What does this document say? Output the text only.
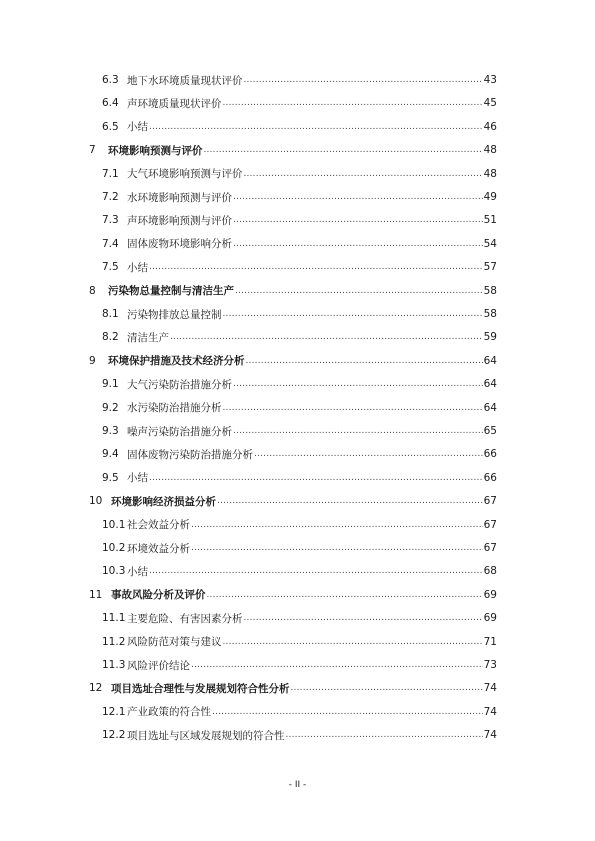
6.3 地下水环境质量现状评价 .....	43
6.4 声环境质量现状评价 .....	45
6.5 小结 .....	46
7	环境影响预测与评价 .....	48
7.1 大气环境影响预测与评价 .....	48
7.2 水环境影响预测与评价 .....	49
7.3 声环境影响预测与评价 .....	51
7.4 固体废物环境影响分析 .....	54
7.5 小结 .....	57
8	污染物总量控制与清洁生产 .....	58
8.1 污染物排放总量控制 .....	58
8.2 清洁生产 .....	59
9	环境保护措施及技术经济分析 .....	64
9.1 大气污染防治措施分析 .....	64
9.2 水污染防治措施分析 .....	64
9.3 噪声污染防治措施分析 .....	65
9.4 固体废物污染防治措施分析 .....	66
9.5 小结 .....	66
10 环境影响经济损益分析 .....	67
10.1 社会效益分析 .....	67
10.2 环境效益分析 .....	67
10.3 小结 .....	68
11 事故风险分析及评价 .....	69
11.1 主要危险、有害因素分析 .....	69
11.2 风险防范对策与建议 .....	71
11.3 风险评价结论 .....	73
12 项目选址合理性与发展规划符合性分析 .....	74
12.1 产业政策的符合性 .....	74
12.2 项目选址与区域发展规划的符合性 .....	74
- II -
